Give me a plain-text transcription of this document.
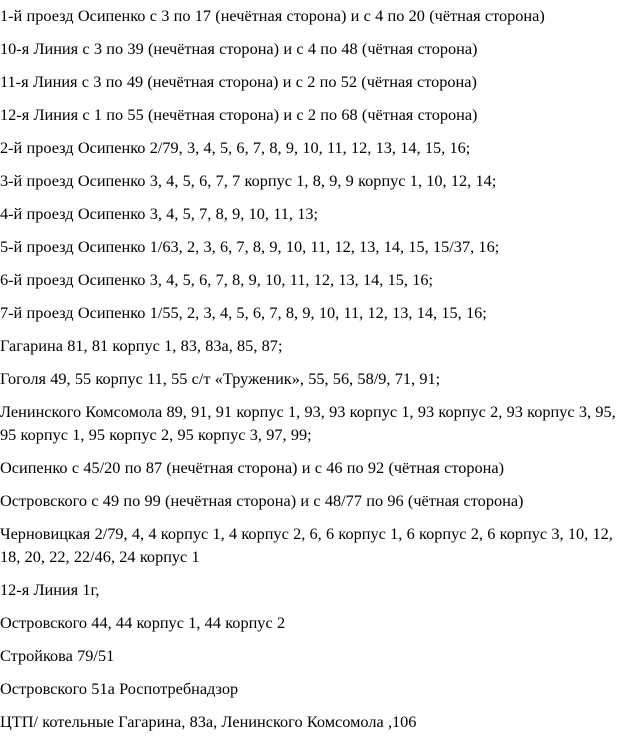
1-й проезд Осипенко с 3 по 17 (нечётная сторона) и с 4 по 20 (чётная сторона)

10-я Линия с 3 по 39 (нечётная сторона) и с 4 по 48 (чётная сторона)

11-я Линия с 3 по 49 (нечётная сторона) и с 2 по 52 (чётная сторона)

12-я Линия с 1 по 55 (нечётная сторона) и с 2 по 68 (чётная сторона)

2-й проезд Осипенко 2/79, 3, 4, 5, 6, 7, 8, 9, 10, 11, 12, 13, 14, 15, 16;

3-й проезд Осипенко 3, 4, 5, 6, 7, 7 корпус 1, 8, 9, 9 корпус 1, 10, 12, 14;

4-й проезд Осипенко 3, 4, 5, 7, 8, 9, 10, 11, 13;

5-й проезд Осипенко 1/63, 2, 3, 6, 7, 8, 9, 10, 11, 12, 13, 14, 15, 15/37, 16;

6-й проезд Осипенко 3, 4, 5, 6, 7, 8, 9, 10, 11, 12, 13, 14, 15, 16;

7-й проезд Осипенко 1/55, 2, 3, 4, 5, 6, 7, 8, 9, 10, 11, 12, 13, 14, 15, 16;

Гагарина 81, 81 корпус 1, 83, 83а, 85, 87;

Гоголя 49, 55 корпус 11, 55 с/т «Труженик», 55, 56, 58/9, 71, 91;

Ленинского Комсомола 89, 91, 91 корпус 1, 93, 93 корпус 1, 93 корпус 2, 93 корпус 3, 95, 95 корпус 1, 95 корпус 2, 95 корпус 3, 97, 99;

Осипенко с 45/20 по 87 (нечётная сторона) и с 46 по 92 (чётная сторона)

Островского с 49 по 99 (нечётная сторона) и с 48/77 по 96 (чётная сторона)

Черновицкая 2/79, 4, 4 корпус 1, 4 корпус 2, 6, 6 корпус 1, 6 корпус 2, 6 корпус 3, 10, 12, 18, 20, 22, 22/46, 24 корпус 1

12-я Линия 1г,

Островского 44, 44 корпус 1, 44 корпус 2

Стройкова 79/51

Островского 51а Роспотребнадзор

ЦТП/ котельные Гагарина, 83а, Ленинского Комсомола ,106
